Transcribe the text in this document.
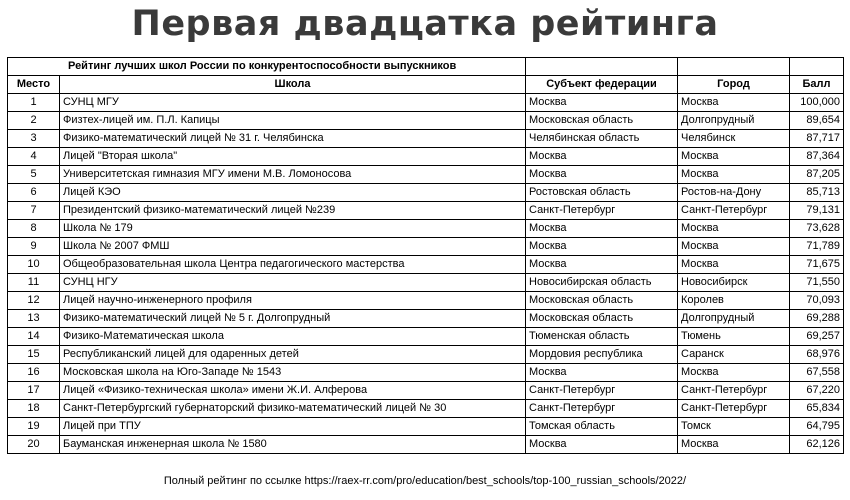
Первая двадцатка рейтинга
Рейтинг лучших школ России по конкурентоспособности выпускников				
Место	Школа	Субъект федерации	Город	Балл
1	СУНЦ МГУ	Москва	Москва	100,000
2	Физтех-лицей им. П.Л. Капицы	Московская область	Долгопрудный	89,654
3	Физико-математический лицей № 31 г. Челябинска	Челябинская область	Челябинск	87,717
4	Лицей "Вторая школа"	Москва	Москва	87,364
5	Университетская гимназия МГУ имени М.В. Ломоносова	Москва	Москва	87,205
6	Лицей КЭО	Ростовская область	Ростов-на-Дону	85,713
7	Президентский физико-математический лицей №239	Санкт-Петербург	Санкт-Петербург	79,131
8	Школа № 179	Москва	Москва	73,628
9	Школа № 2007 ФМШ	Москва	Москва	71,789
10	Общеобразовательная школа Центра педагогического мастерства	Москва	Москва	71,675
11	СУНЦ НГУ	Новосибирская область	Новосибирск	71,550
12	Лицей научно-инженерного профиля	Московская область	Королев	70,093
13	Физико-математический лицей № 5 г. Долгопрудный	Московская область	Долгопрудный	69,288
14	Физико-Математическая школа	Тюменская область	Тюмень	69,257
15	Республиканский лицей для одаренных детей	Мордовия республика	Саранск	68,976
16	Московская школа на Юго-Западе № 1543	Москва	Москва	67,558
17	Лицей «Физико-техническая школа» имени Ж.И. Алферова	Санкт-Петербург	Санкт-Петербург	67,220
18	Санкт-Петербургский губернаторский физико-математический лицей № 30	Санкт-Петербург	Санкт-Петербург	65,834
19	Лицей при ТПУ	Томская область	Томск	64,795
20	Бауманская инженерная школа № 1580	Москва	Москва	62,126
Полный рейтинг по ссылке https://raex-rr.com/pro/education/best_schools/top-100_russian_schools/2022/
